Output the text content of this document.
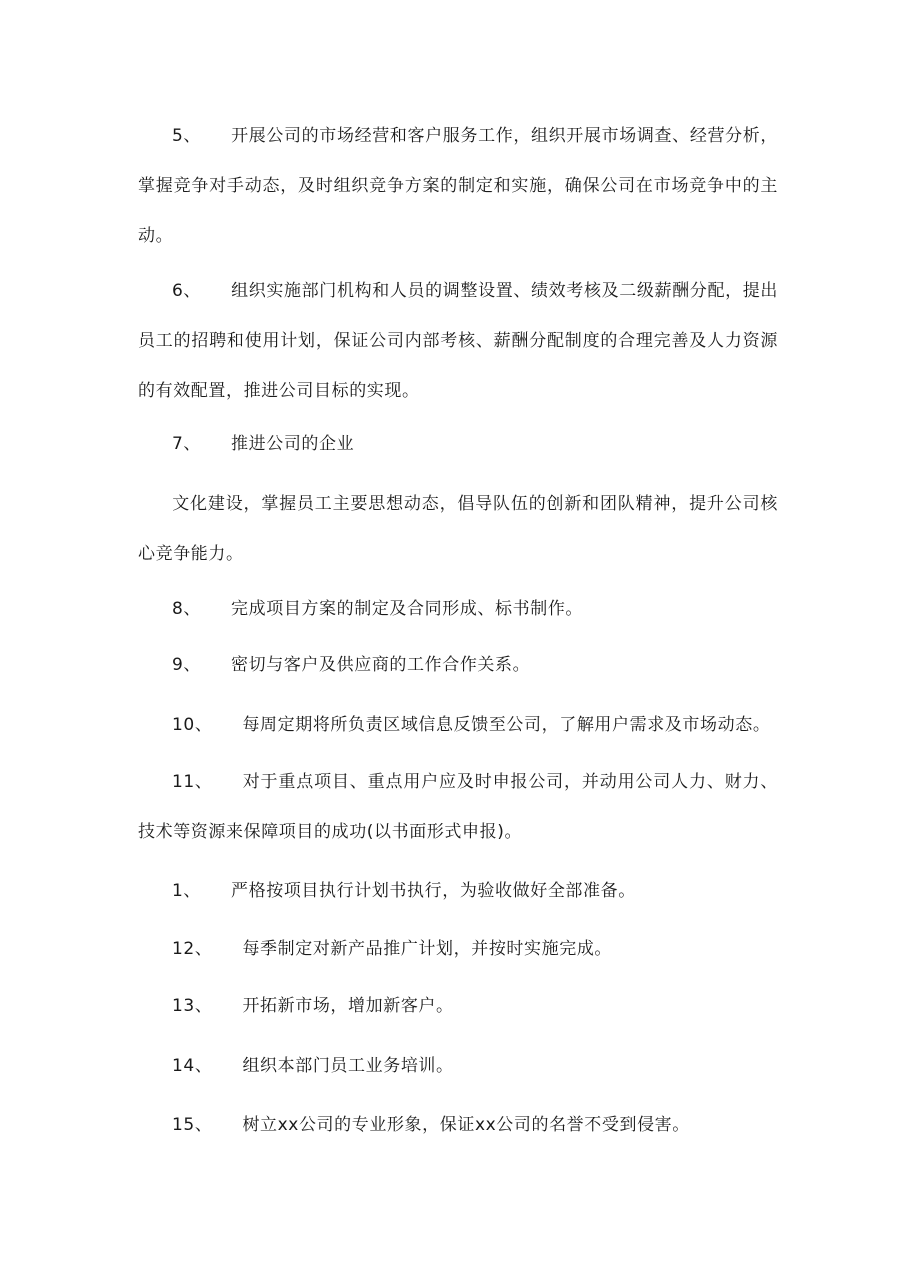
5、 开展公司的市场经营和客户服务工作，组织开展市场调查、经营分析，掌握竞争对手动态，及时组织竞争方案的制定和实施，确保公司在市场竞争中的主动。

6、 组织实施部门机构和人员的调整设置、绩效考核及二级薪酬分配，提出员工的招聘和使用计划，保证公司内部考核、薪酬分配制度的合理完善及人力资源的有效配置，推进公司目标的实现。

7、 推进公司的企业

文化建设，掌握员工主要思想动态，倡导队伍的创新和团队精神，提升公司核心竞争能力。

8、 完成项目方案的制定及合同形成、标书制作。

9、 密切与客户及供应商的工作合作关系。

10、 每周定期将所负责区域信息反馈至公司，了解用户需求及市场动态。

11、 对于重点项目、重点用户应及时申报公司，并动用公司人力、财力、技术等资源来保障项目的成功(以书面形式申报)。

1、 严格按项目执行计划书执行，为验收做好全部准备。

12、 每季制定对新产品推广计划，并按时实施完成。

13、 开拓新市场，增加新客户。

14、 组织本部门员工业务培训。

15、 树立xx公司的专业形象，保证xx公司的名誉不受到侵害。
